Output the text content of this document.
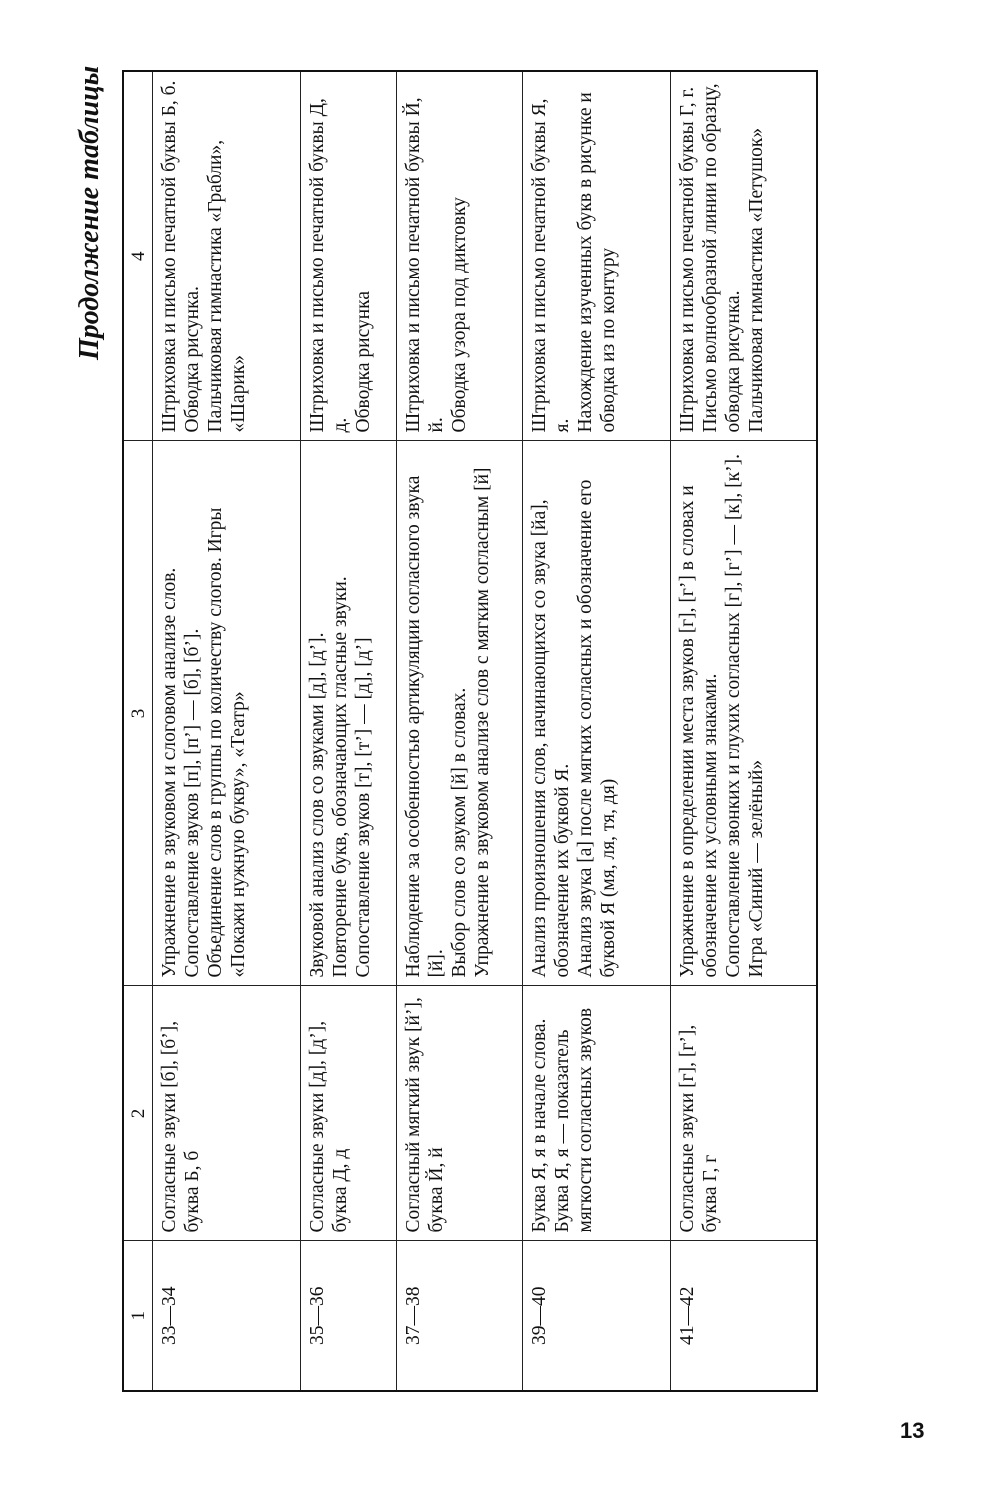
Продолжение таблицы
1	2	3	4
33—34	Согласные звуки [б], [б’], буква Б, б	Упражнение в звуковом и слоговом анализе слов. Сопоставление звуков [п], [п’] — [б], [б’]. Объединение слов в группы по количеству слогов. Игры «Покажи нужную букву», «Театр»	Штриховка и письмо печатной буквы Б, б. Обводка рисунка. Пальчиковая гимнастика «Грабли», «Шарик»

35—36	Согласные звуки [д], [д’], буква Д, д	Звуковой анализ слов со звуками [д], [д’]. Повторение букв, обозначающих гласные звуки. Сопоставление звуков [т], [т’] — [д], [д’]	Штриховка и письмо печатной буквы Д, д. Обводка рисунка

37—38	Согласный мягкий звук [й’], буква Й, й	Наблюдение за особенностью артикуляции согласного звука [й]. Выбор слов со звуком [й] в словах. Упражнение в звуковом анализе слов с мягким согласным [й]	Штриховка и письмо печатной буквы Й, й. Обводка узора под диктовку

39—40	Буква Я, я в начале слова. Буква Я, я — показатель мягкости согласных звуков	Анализ произношения слов, начинающихся со звука [йа], обозначение их буквой Я. Анализ звука [а] после мягких согласных и обозначение его буквой Я (мя, ля, тя, дя)	Штриховка и письмо печатной буквы Я, я. Нахождение изученных букв в рисунке и обводка из по контуру

41—42	Согласные звуки [г], [г’], буква Г, г	Упражнение в определении места звуков [г], [г’] в словах и обозначение их условными знаками. Сопоставление звонких и глухих согласных [г], [г’] — [к], [к’]. Игра «Синий — зелёный»	Штриховка и письмо печатной буквы Г, г. Письмо волнообразной линии по образцу, обводка рисунка. Пальчиковая гимнастика «Петушок»
13
